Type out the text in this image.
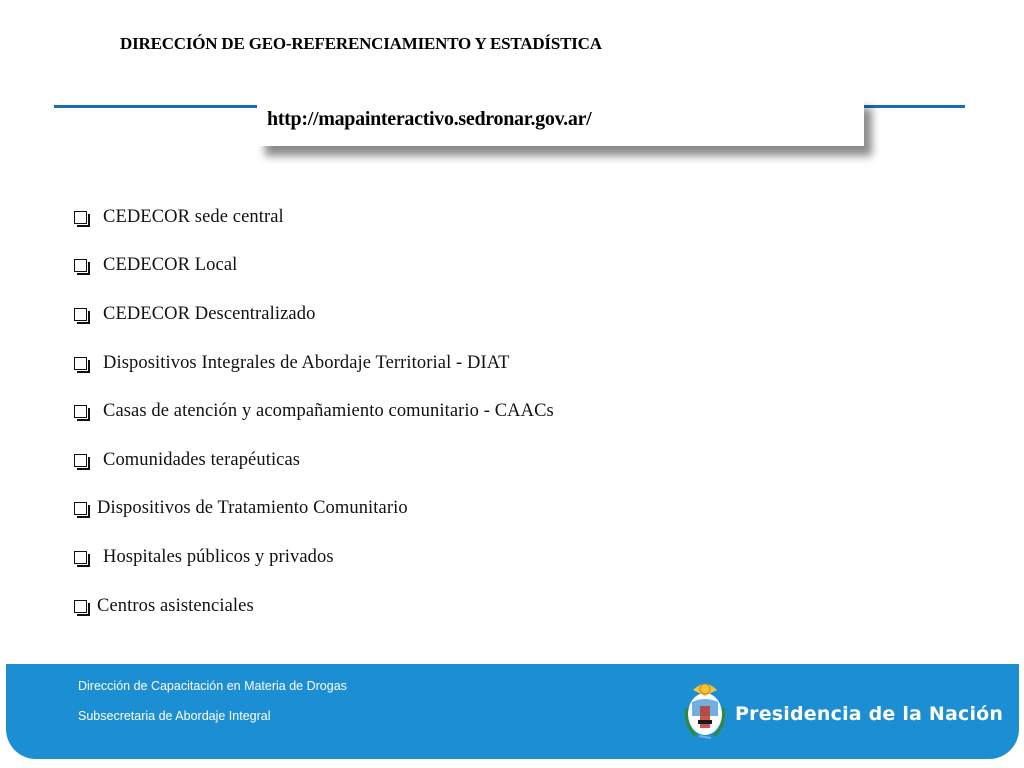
DIRECCIÓN DE GEO-REFERENCIAMIENTO Y ESTADÍSTICA
http://mapainteractivo.sedronar.gov.ar/
CEDECOR sede central
CEDECOR Local
CEDECOR Descentralizado
Dispositivos Integrales de Abordaje Territorial - DIAT
Casas de atención y acompañamiento comunitario - CAACs
Comunidades terapéuticas
Dispositivos de Tratamiento Comunitario
Hospitales públicos y privados
Centros asistenciales
Dirección de Capacitación en Materia de Drogas
Subsecretaria de Abordaje Integral	Presidencia de la Nación
